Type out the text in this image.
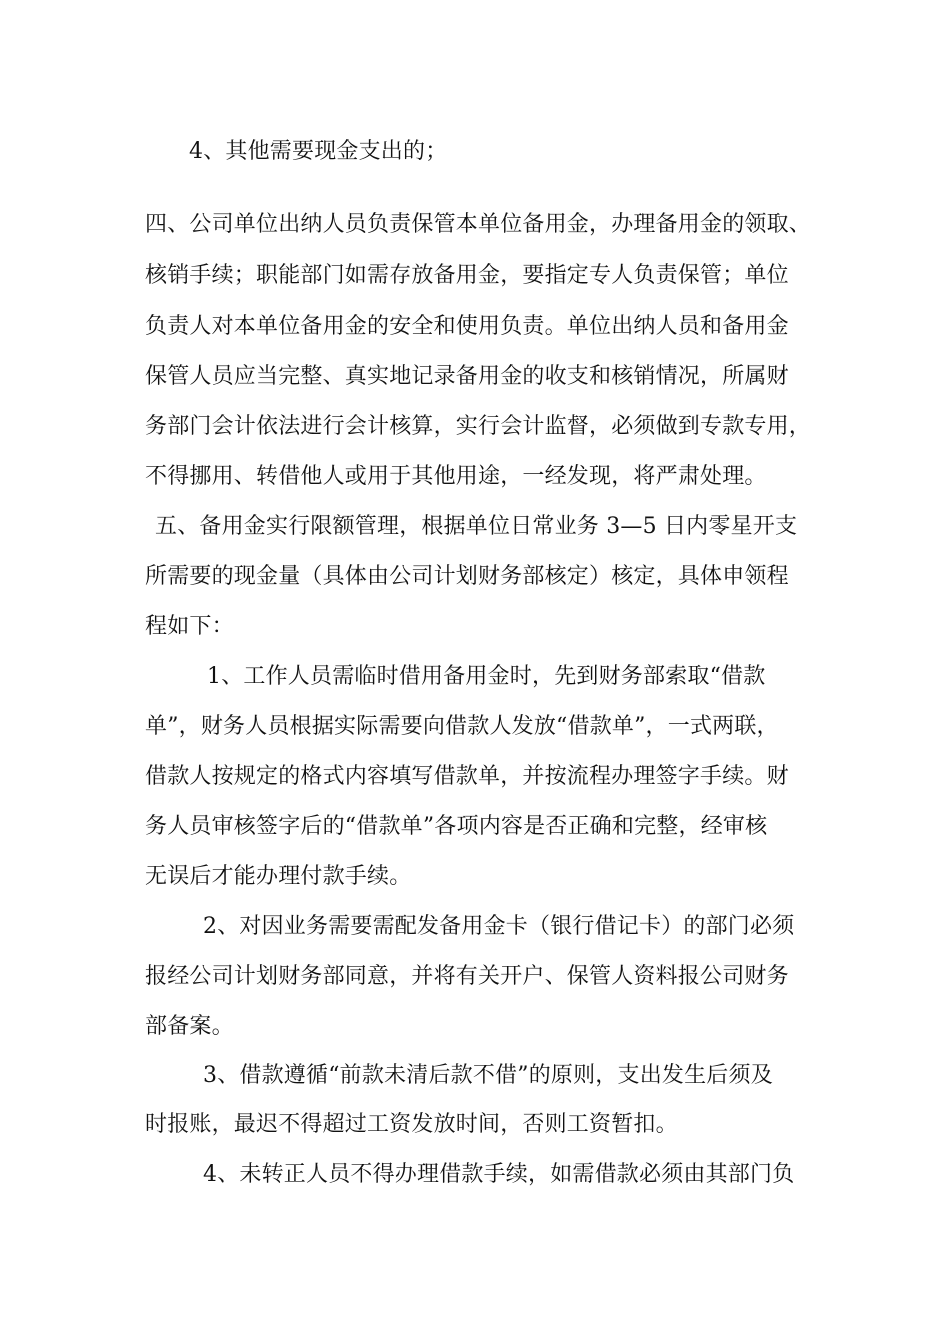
4、其他需要现金支出的；
四、公司单位出纳人员负责保管本单位备用金，办理备用金的领取、
核销手续；职能部门如需存放备用金，要指定专人负责保管；单位
负责人对本单位备用金的安全和使用负责。单位出纳人员和备用金
保管人员应当完整、真实地记录备用金的收支和核销情况，所属财
务部门会计依法进行会计核算，实行会计监督，必须做到专款专用，
不得挪用、转借他人或用于其他用途，一经发现，将严肃处理。
五、备用金实行限额管理，根据单位日常业务 3—5 日内零星开支
所需要的现金量（具体由公司计划财务部核定）核定，具体申领程
程如下：
1、工作人员需临时借用备用金时，先到财务部索取“借款
单”，财务人员根据实际需要向借款人发放“借款单”，一式两联，
借款人按规定的格式内容填写借款单，并按流程办理签字手续。财
务人员审核签字后的“借款单”各项内容是否正确和完整，经审核
无误后才能办理付款手续。
2、对因业务需要需配发备用金卡（银行借记卡）的部门必须
报经公司计划财务部同意，并将有关开户、保管人资料报公司财务
部备案。
3、借款遵循“前款未清后款不借”的原则，支出发生后须及
时报账，最迟不得超过工资发放时间，否则工资暂扣。
4、未转正人员不得办理借款手续，如需借款必须由其部门负
